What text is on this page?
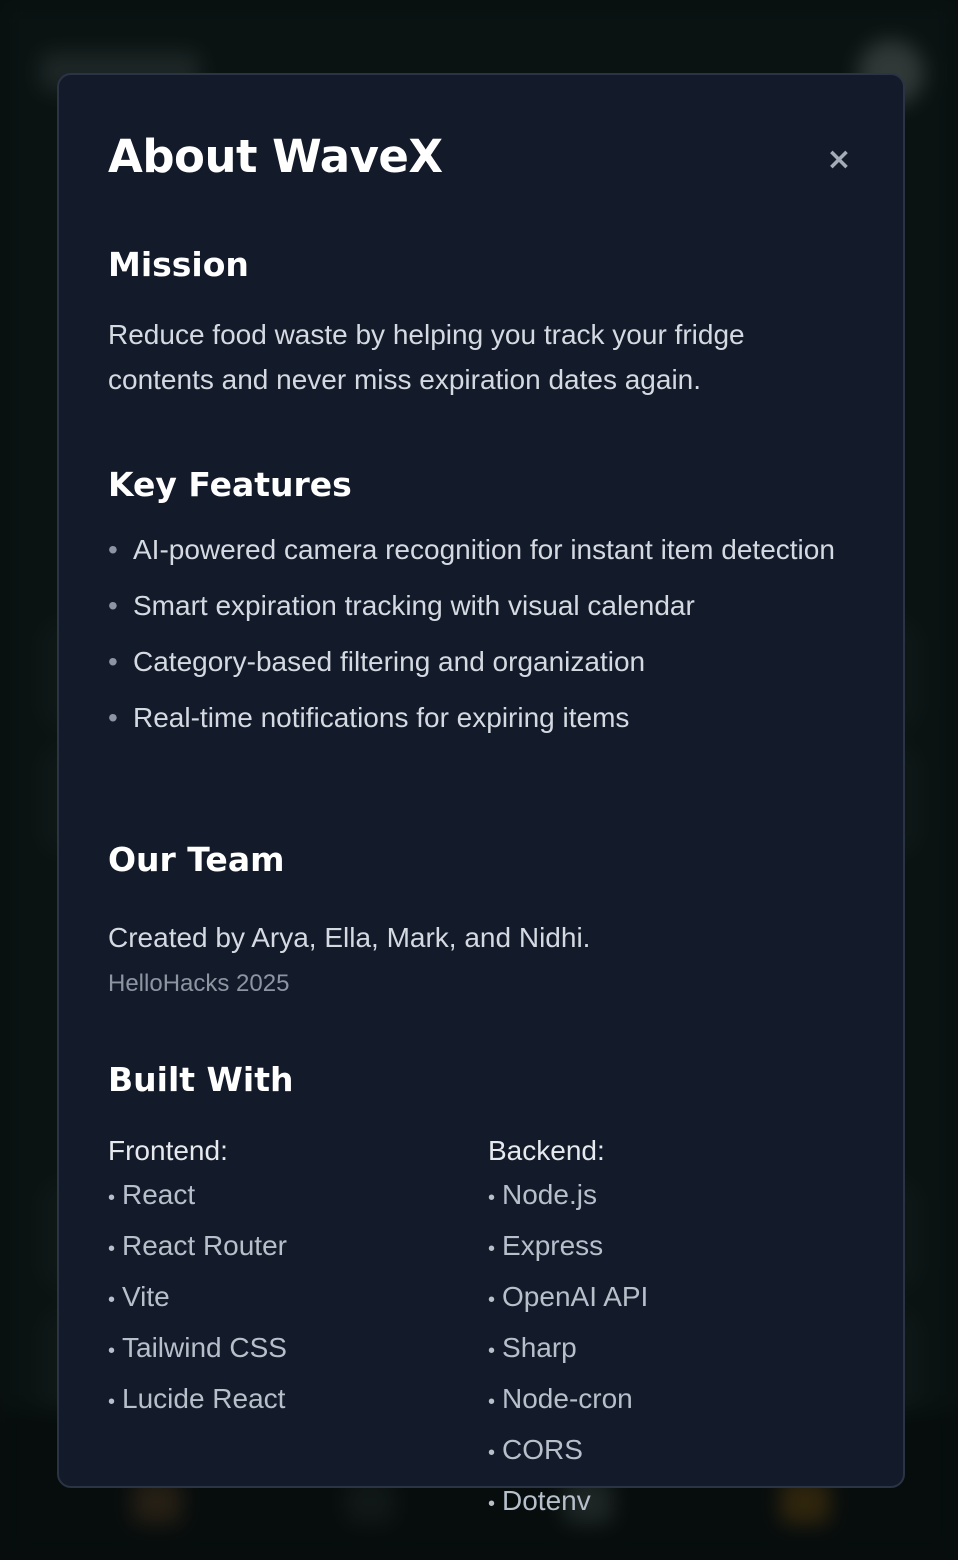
About WaveX	×
Mission

Reduce food waste by helping you track your fridge contents and never miss expiration dates again.

Key Features
• AI-powered camera recognition for instant item detection
• Smart expiration tracking with visual calendar
• Category-based filtering and organization
• Real-time notifications for expiring items
Our Team

Created by Arya, Ella, Mark, and Nidhi.

HelloHacks 2025

Built With
Frontend:
• React
• React Router
• Vite
• Tailwind CSS
• Lucide React
Backend:
• Node.js
• Express
• OpenAI API
• Sharp
• Node-cron
• CORS
• Dotenv
